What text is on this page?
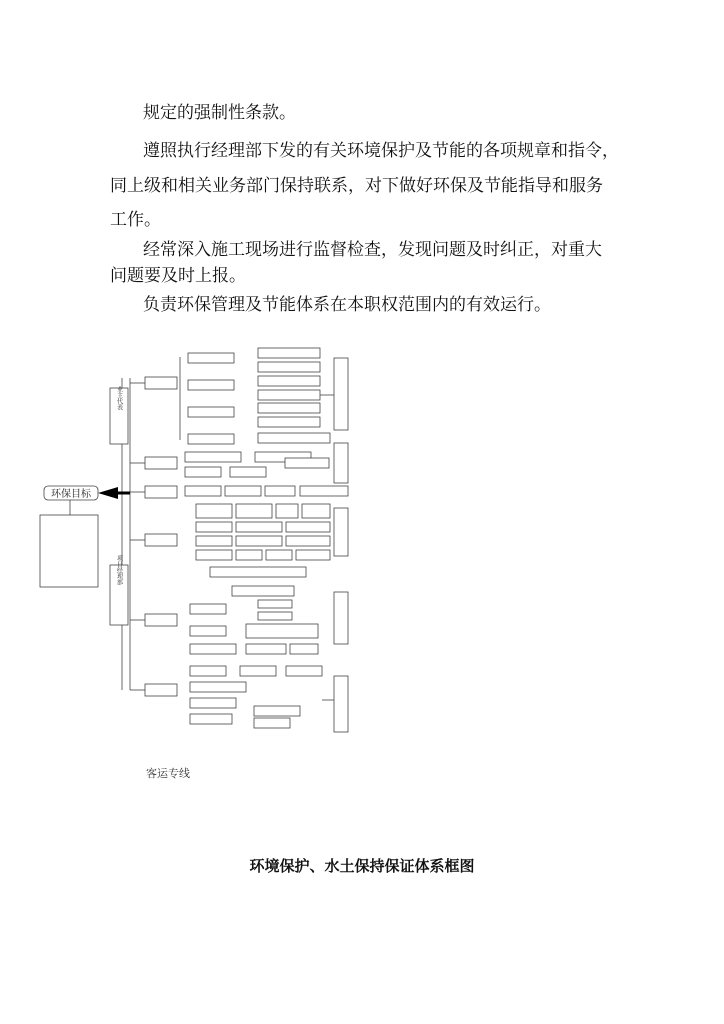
规定的强制性条款。

遵照执行经理部下发的有关环境保护及节能的各项规章和指令，

同上级和相关业务部门保持联系，对下做好环保及节能指导和服务

工作。

经常深入施工现场进行监督检查，发现问题及时纠正，对重大

问题要及时上报。

负责环保管理及节能体系在本职权范围内的有效运行。

环保目标
业主代表
项目经理部
客运专线
环境保护、水土保持保证体系框图
